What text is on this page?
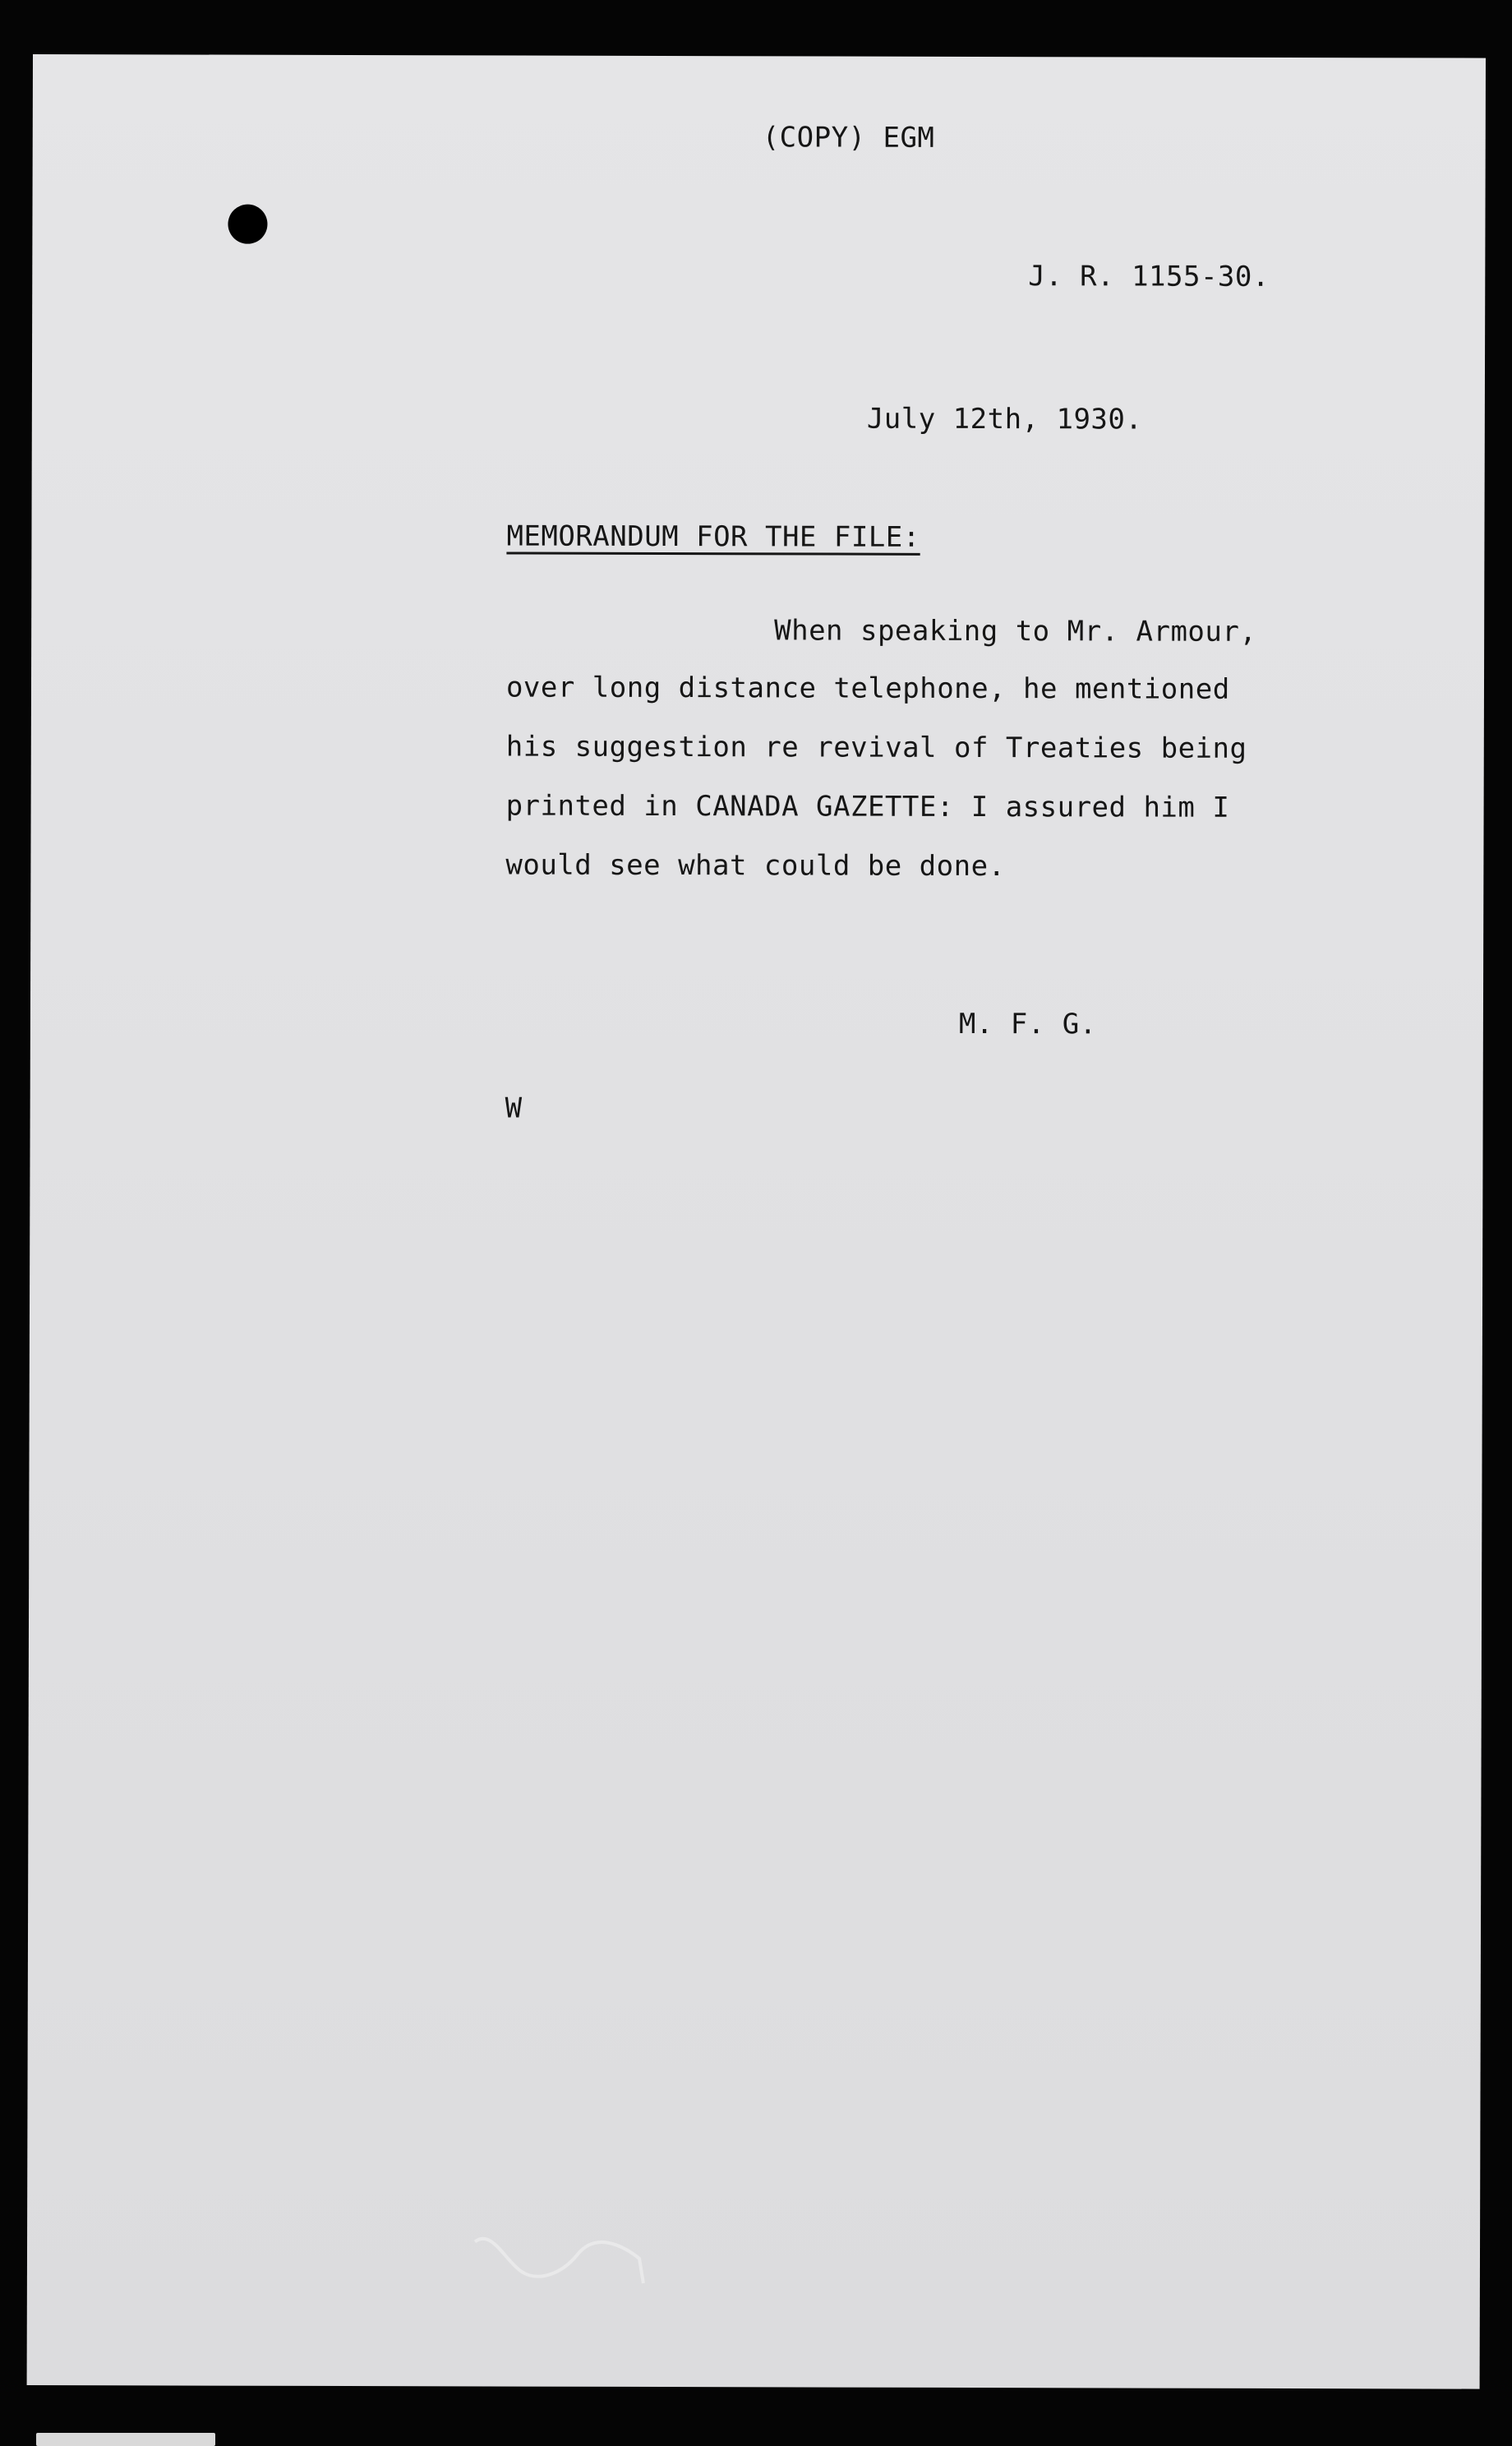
(COPY) EGM
J. R. 1155-30.
July 12th, 1930.
MEMORANDUM FOR THE FILE:
When speaking to Mr. Armour,
over long distance telephone, he mentioned
his suggestion re revival of Treaties being
printed in CANADA GAZETTE: I assured him I
would see what could be done.
M. F. G.
W
